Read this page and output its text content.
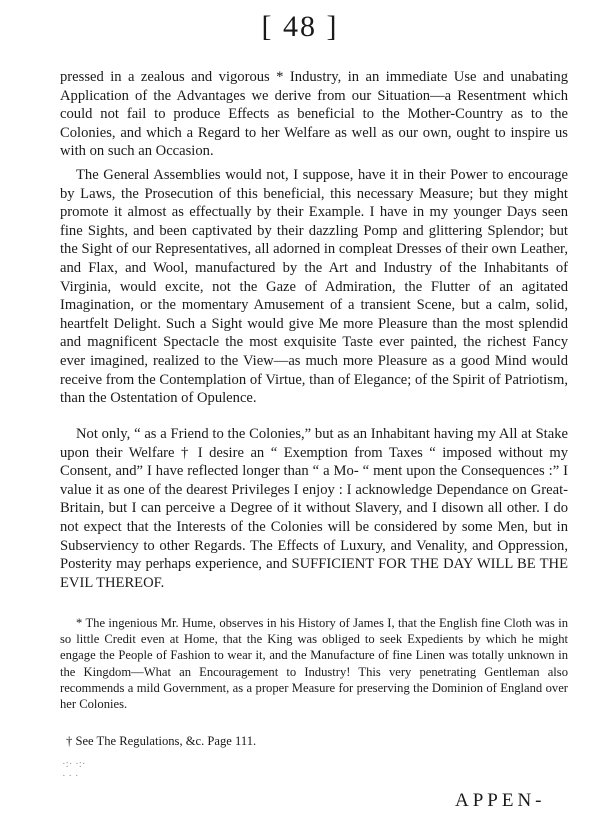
[ 48 ]

pressed in a zealous and vigorous * Industry, in an immediate Use and unabating Application of the Advantages we derive from our Situation—a Resentment which could not fail to produce Effects as beneficial to the Mother-Country as to the Colonies, and which a Regard to her Welfare as well as our own, ought to inspire us with on such an Occasion.

The General Assemblies would not, I suppose, have it in their Power to encourage by Laws, the Prosecution of this beneficial, this necessary Measure; but they might promote it almost as effectually by their Example. I have in my younger Days seen fine Sights, and been captivated by their dazzling Pomp and glittering Splendor; but the Sight of our Representatives, all adorned in compleat Dresses of their own Leather, and Flax, and Wool, manufactured by the Art and Industry of the Inhabitants of Virginia, would excite, not the Gaze of Admiration, the Flutter of an agitated Imagination, or the momentary Amusement of a transient Scene, but a calm, solid, heartfelt Delight. Such a Sight would give Me more Pleasure than the most splendid and magnificent Spectacle the most exquisite Taste ever painted, the richest Fancy ever imagined, realized to the View—as much more Pleasure as a good Mind would receive from the Contemplation of Virtue, than of Elegance; of the Spirit of Patriotism, than the Ostentation of Opulence.

Not only, “ as a Friend to the Colonies,” but as an Inhabitant having my All at Stake upon their Welfare † I desire an “ Exemption from Taxes “ imposed without my Consent, and” I have reflected longer than “ a Mo- “ ment upon the Consequences :” I value it as one of the dearest Privileges I enjoy : I acknowledge Dependance on Great-Britain, but I can perceive a Degree of it without Slavery, and I disown all other. I do not expect that the Interests of the Colonies will be considered by some Men, but in Subserviency to other Regards. The Effects of Luxury, and Venality, and Oppression, Posterity may perhaps experience, and SUFFICIENT FOR THE DAY WILL BE THE EVIL THEREOF.

* The ingenious Mr. Hume, observes in his History of James I, that the English fine Cloth was in so little Credit even at Home, that the King was obliged to seek Expedients by which he might engage the People of Fashion to wear it, and the Manufacture of fine Linen was totally unknown in the Kingdom—What an Encouragement to Industry! This very penetrating Gentleman also recommends a mild Government, as a proper Measure for preserving the Dominion of England over her Colonies.

† See The Regulations, &c. Page 111.

·:· ·:·
· · ·
APPEN-
